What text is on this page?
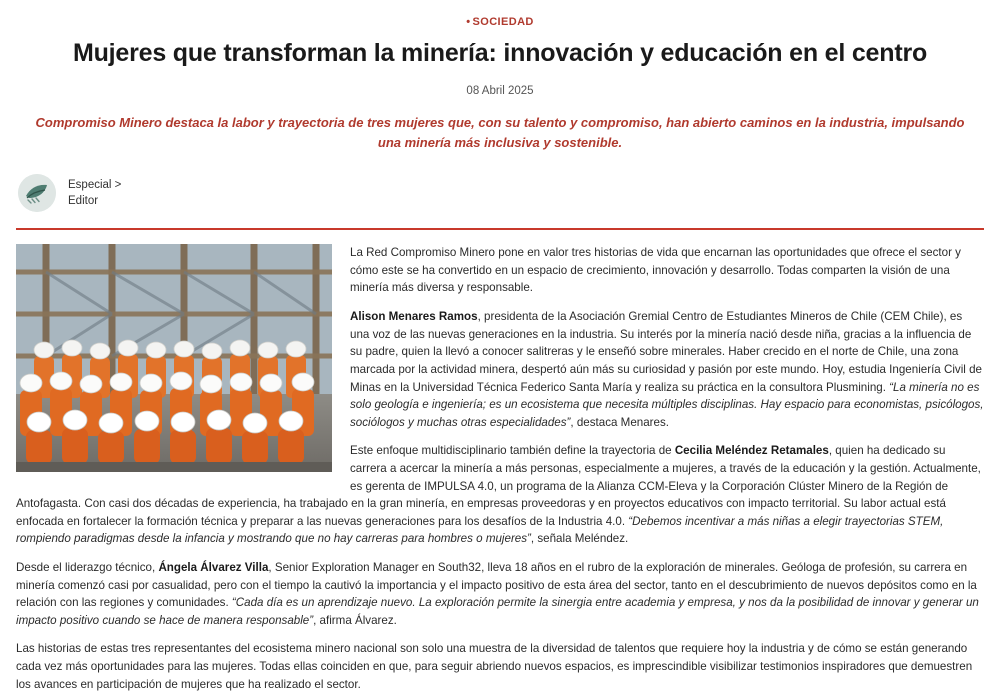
• SOCIEDAD
Mujeres que transforman la minería: innovación y educación en el centro
08 Abril 2025
Compromiso Minero destaca la labor y trayectoria de tres mujeres que, con su talento y compromiso, han abierto caminos en la industria, impulsando una minería más inclusiva y sostenible.
Especial >
Editor

La Red Compromiso Minero pone en valor tres historias de vida que encarnan las oportunidades que ofrece el sector y cómo este se ha convertido en un espacio de crecimiento, innovación y desarrollo. Todas comparten la visión de una minería más diversa y responsable.

Alison Menares Ramos, presidenta de la Asociación Gremial Centro de Estudiantes Mineros de Chile (CEM Chile), es una voz de las nuevas generaciones en la industria. Su interés por la minería nació desde niña, gracias a la influencia de su padre, quien la llevó a conocer salitreras y le enseñó sobre minerales. Haber crecido en el norte de Chile, una zona marcada por la actividad minera, despertó aún más su curiosidad y pasión por este mundo. Hoy, estudia Ingeniería Civil de Minas en la Universidad Técnica Federico Santa María y realiza su práctica en la consultora Plusmining. “La minería no es solo geología e ingeniería; es un ecosistema que necesita múltiples disciplinas. Hay espacio para economistas, psicólogos, sociólogos y muchas otras especialidades”, destaca Menares.

Este enfoque multidisciplinario también define la trayectoria de Cecilia Meléndez Retamales, quien ha dedicado su carrera a acercar la minería a más personas, especialmente a mujeres, a través de la educación y la gestión. Actualmente, es gerenta de IMPULSA 4.0, un programa de la Alianza CCM-Eleva y la Corporación Clúster Minero de la Región de Antofagasta. Con casi dos décadas de experiencia, ha trabajado en la gran minería, en empresas proveedoras y en proyectos educativos con impacto territorial. Su labor actual está enfocada en fortalecer la formación técnica y preparar a las nuevas generaciones para los desafíos de la Industria 4.0. “Debemos incentivar a más niñas a elegir trayectorias STEM, rompiendo paradigmas desde la infancia y mostrando que no hay carreras para hombres o mujeres”, señala Meléndez.

Desde el liderazgo técnico, Ángela Álvarez Villa, Senior Exploration Manager en South32, lleva 18 años en el rubro de la exploración de minerales. Geóloga de profesión, su carrera en minería comenzó casi por casualidad, pero con el tiempo la cautivó la importancia y el impacto positivo de esta área del sector, tanto en el descubrimiento de nuevos depósitos como en la relación con las regiones y comunidades. “Cada día es un aprendizaje nuevo. La exploración permite la sinergia entre academia y empresa, y nos da la posibilidad de innovar y generar un impacto positivo cuando se hace de manera responsable”, afirma Álvarez.

Las historias de estas tres representantes del ecosistema minero nacional son solo una muestra de la diversidad de talentos que requiere hoy la industria y de cómo se están generando cada vez más oportunidades para las mujeres. Todas ellas coinciden en que, para seguir abriendo nuevos espacios, es imprescindible visibilizar testimonios inspiradores que demuestren los avances en participación de mujeres que ha realizado el sector.
